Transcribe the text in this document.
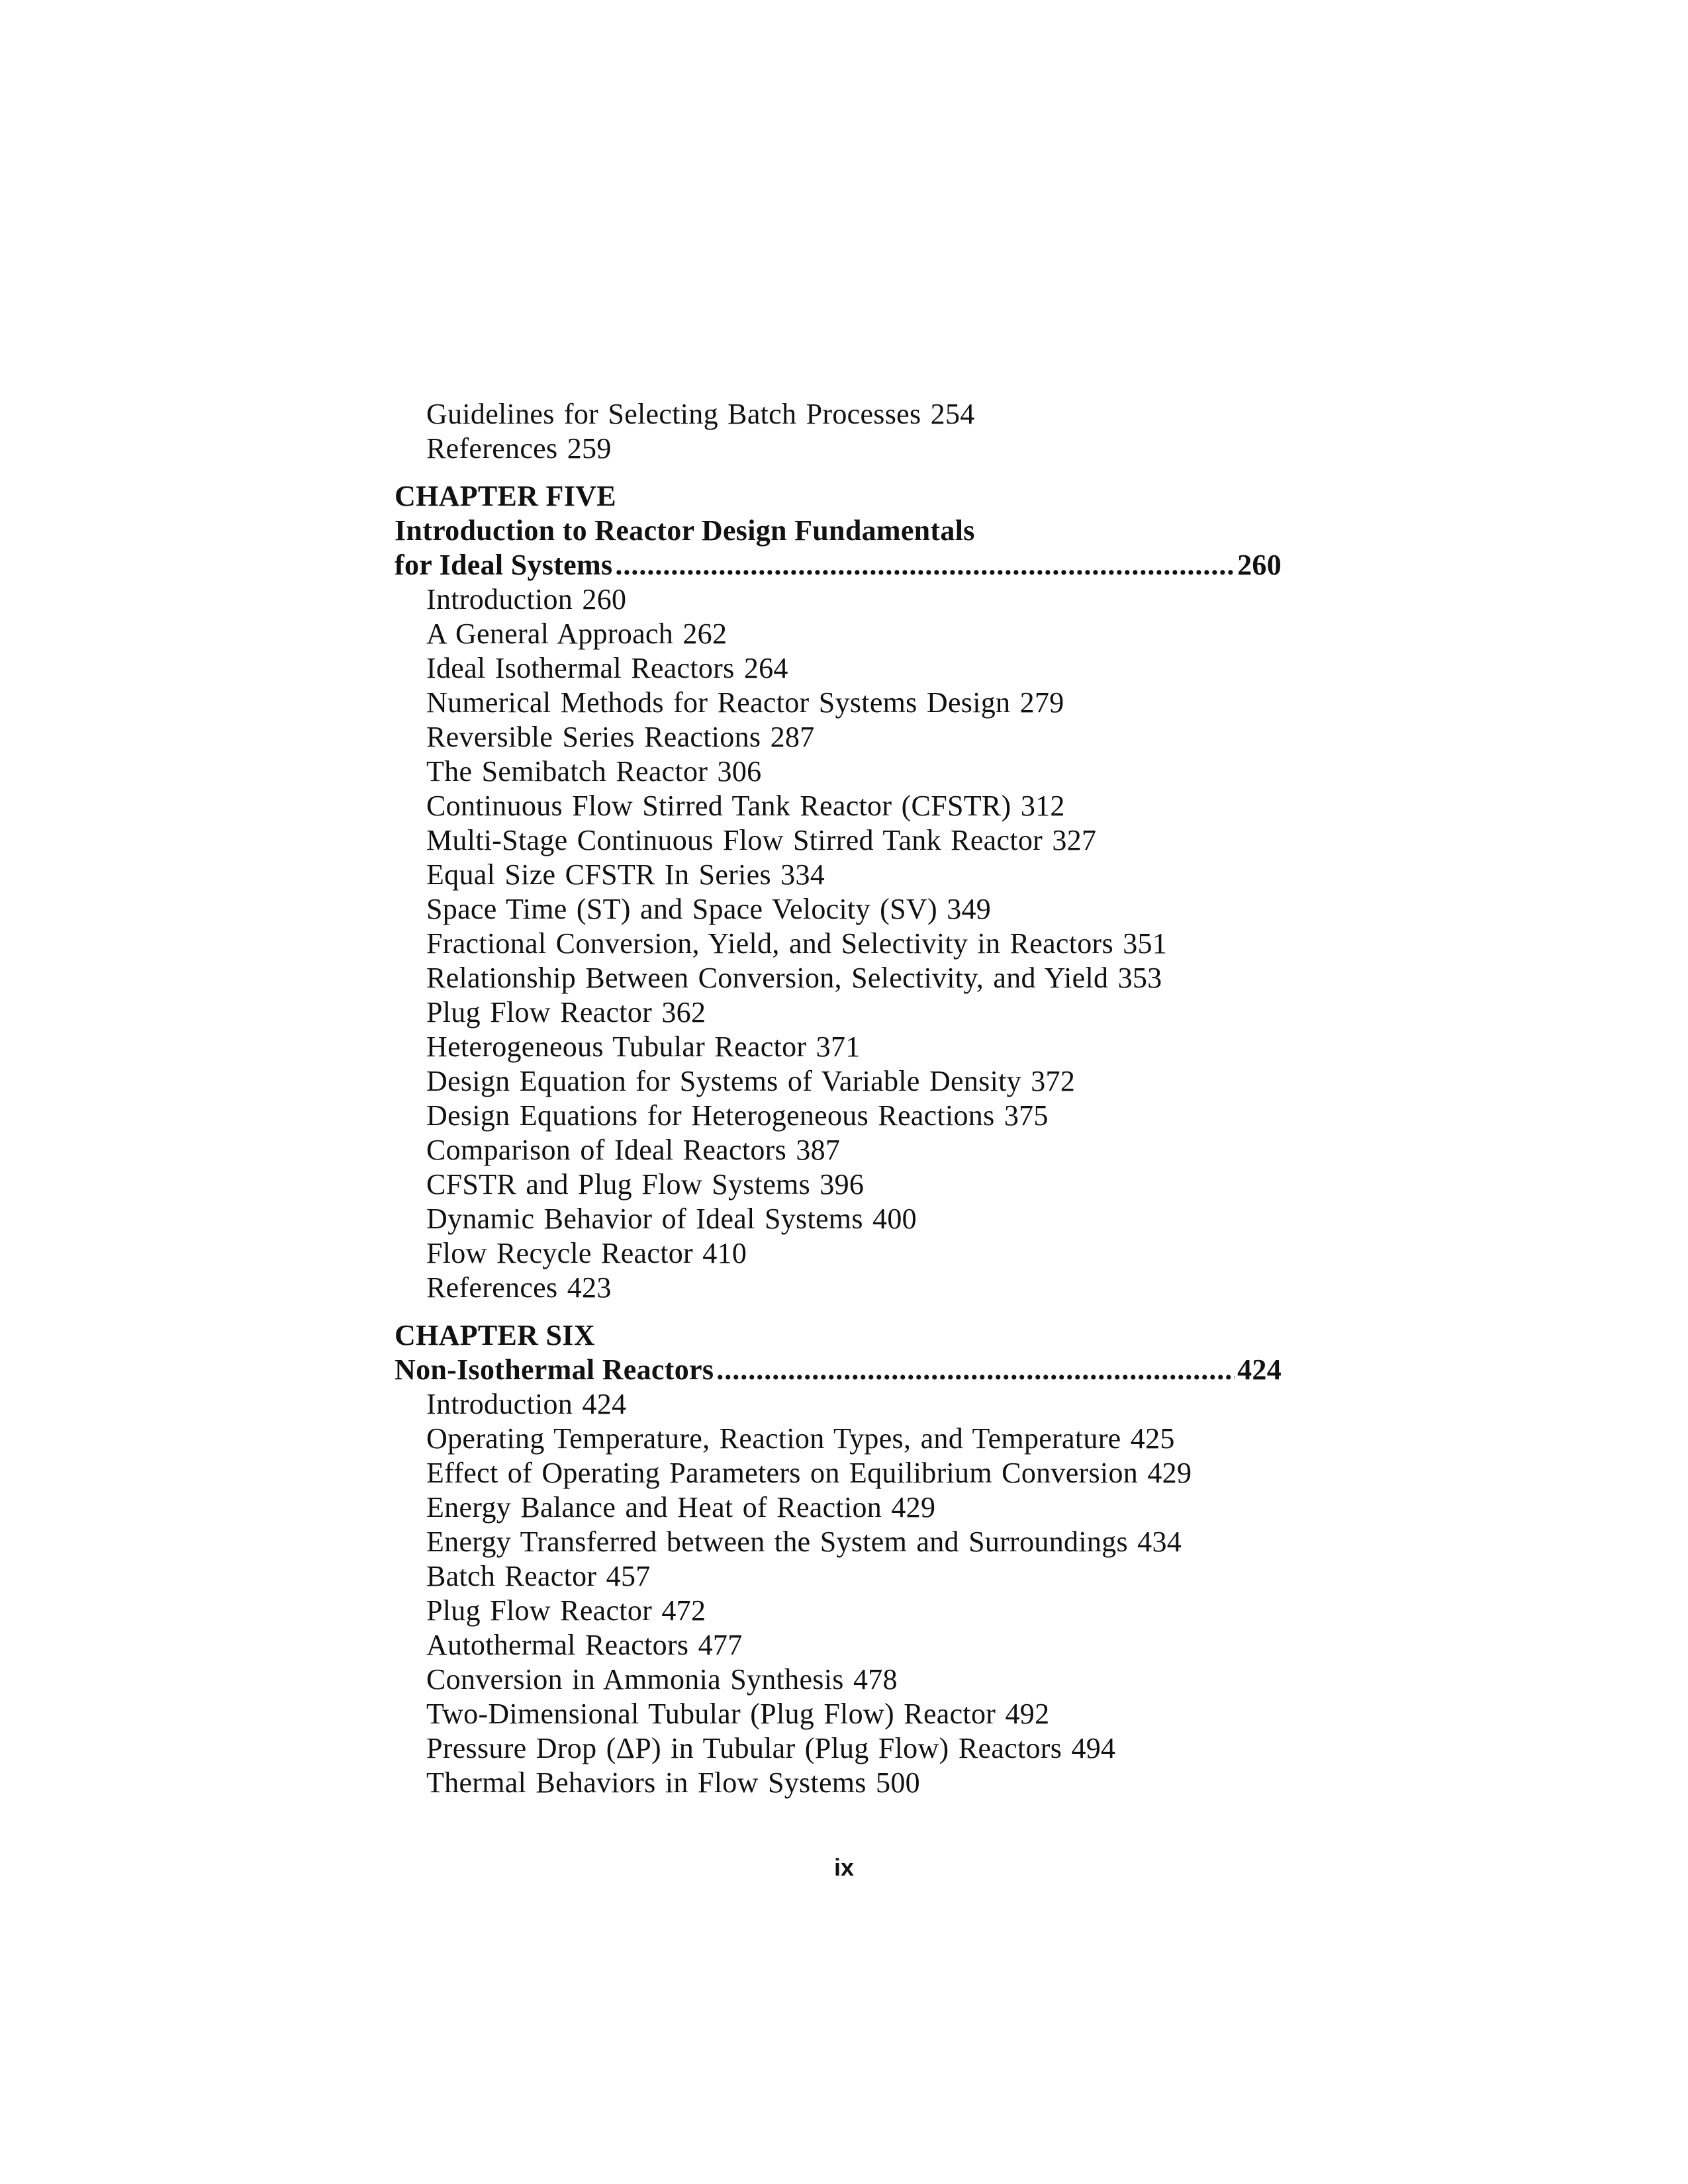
Guidelines for Selecting Batch Processes 254
References 259
CHAPTER FIVE
Introduction to Reactor Design Fundamentals
for Ideal Systems .....	260
Introduction 260
A General Approach 262
Ideal Isothermal Reactors 264
Numerical Methods for Reactor Systems Design 279
Reversible Series Reactions 287
The Semibatch Reactor 306
Continuous Flow Stirred Tank Reactor (CFSTR) 312
Multi-Stage Continuous Flow Stirred Tank Reactor 327
Equal Size CFSTR In Series 334
Space Time (ST) and Space Velocity (SV) 349
Fractional Conversion, Yield, and Selectivity in Reactors 351
Relationship Between Conversion, Selectivity, and Yield 353
Plug Flow Reactor 362
Heterogeneous Tubular Reactor 371
Design Equation for Systems of Variable Density 372
Design Equations for Heterogeneous Reactions 375
Comparison of Ideal Reactors 387
CFSTR and Plug Flow Systems 396
Dynamic Behavior of Ideal Systems 400
Flow Recycle Reactor 410
References 423
CHAPTER SIX
Non-Isothermal Reactors .....	424
Introduction 424
Operating Temperature, Reaction Types, and Temperature 425
Effect of Operating Parameters on Equilibrium Conversion 429
Energy Balance and Heat of Reaction 429
Energy Transferred between the System and Surroundings 434
Batch Reactor 457
Plug Flow Reactor 472
Autothermal Reactors 477
Conversion in Ammonia Synthesis 478
Two-Dimensional Tubular (Plug Flow) Reactor 492
Pressure Drop (ΔP) in Tubular (Plug Flow) Reactors 494
Thermal Behaviors in Flow Systems 500
ix
